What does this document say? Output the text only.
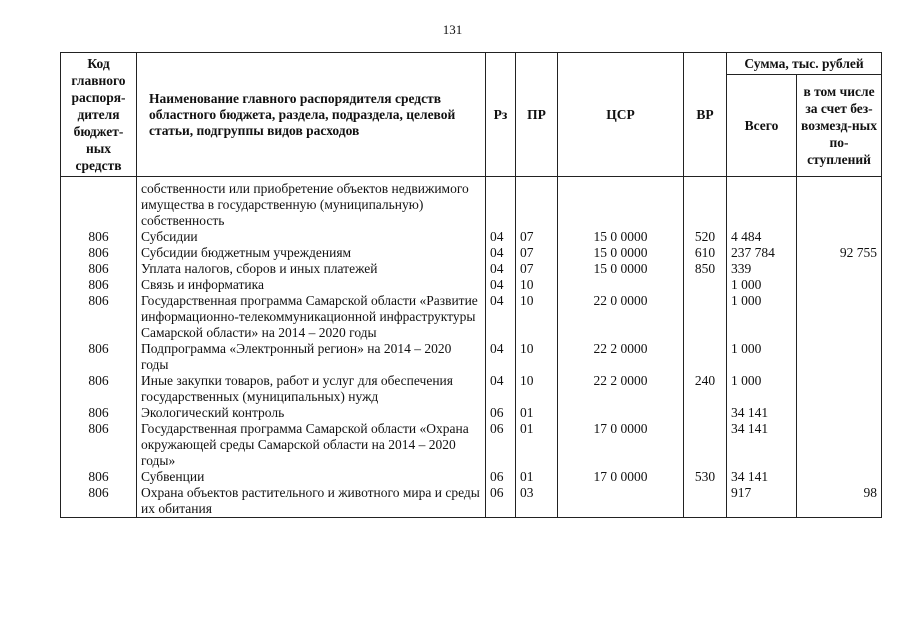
131
Код главного распоря-дителя бюджет-ных средств	Наименование главного распорядителя средств областного бюджета, раздела, подраздела, целевой статьи, подгруппы видов расходов	Рз	ПР	ЦСР	ВР	Сумма, тыс. рублей	
						Всего	в том числе за счет без-возмезд-ных по-ступлений
	собственности или приобретение объектов недвижимого имущества в государственную (муниципальную) собственность						
806	Субсидии	04	07	15 0 0000	520	4 484	
806	Субсидии бюджетным учреждениям	04	07	15 0 0000	610	237 784	92 755
806	Уплата налогов, сборов и иных платежей	04	07	15 0 0000	850	339	
806	Связь и информатика	04	10			1 000	
806	Государственная программа Самарской области «Развитие информационно-телекоммуникационной инфраструктуры Самарской области» на 2014 – 2020 годы	04	10	22 0 0000		1 000	
806	Подпрограмма «Электронный регион» на 2014 – 2020 годы	04	10	22 2 0000		1 000	
806	Иные закупки товаров, работ и услуг для обеспечения государственных (муниципальных) нужд	04	10	22 2 0000	240	1 000	
806	Экологический контроль	06	01			34 141	
806	Государственная программа Самарской области «Охрана окружающей среды Самарской области на 2014 – 2020 годы»	06	01	17 0 0000		34 141	
806	Субвенции	06	01	17 0 0000	530	34 141	
806	Охрана объектов растительного и животного мира и среды их обитания	06	03			917	98
